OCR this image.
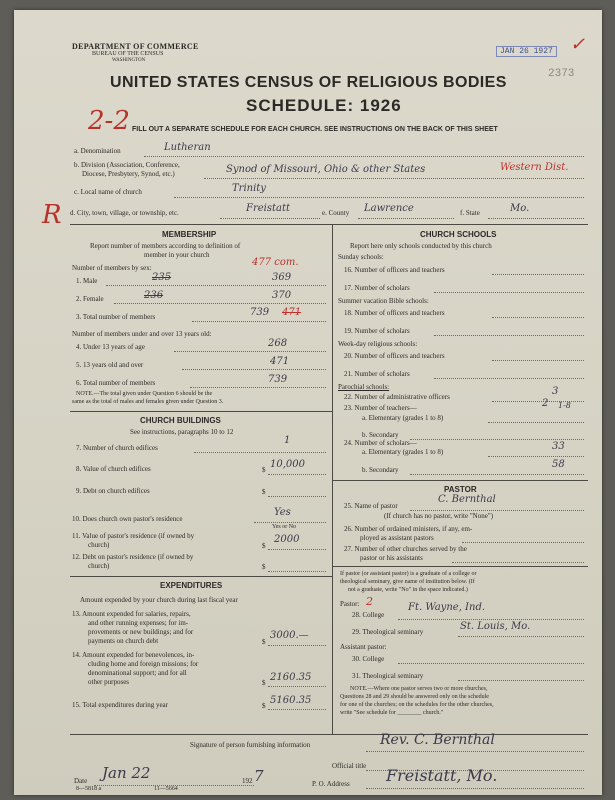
DEPARTMENT OF COMMERCE
BUREAU OF THE CENSUS
WASHINGTON
JAN 26 1927 ✓
2373
UNITED STATES CENSUS OF RELIGIOUS BODIES
SCHEDULE: 1926
2-2 FILL OUT A SEPARATE SCHEDULE FOR EACH CHURCH. SEE INSTRUCTIONS ON THE BACK OF THIS SHEET
a. Denomination	Lutheran
b. Division (Association, Conference,
Diocese, Presbytery, Synod, etc.)	Synod of Missouri, Ohio & other States	Western Dist.
c. Local name of church	Trinity
R d. City, town, village, or township, etc.	Freistatt	e. County Lawrence	f. State	Mo.
MEMBERSHIP
Report number of members according to definition of
member in your church
Number of members by sex:	477 com.
1. Male	235	369
2. Female	236	370
3. Total number of members	739 471
Number of members under and over 13 years old:
4. Under 13 years of age	268
5. 13 years old and over	471
6. Total number of members	739
NOTE.—The total given under Question 6 should be the
same as the total of males and females given under Question 3.
CHURCH BUILDINGS
See instructions, paragraphs 10 to 12
7. Number of church edifices
1
8. Value of church edifices	$ 10,000
9. Debt on church edifices	$
10. Does church own pastor's residence
Yes
Yes or No
11. Value of pastor's residence (if owned by
church)	$
2000
12. Debt on pastor's residence (if owned by
church)	$
EXPENDITURES
Amount expended by your church during last fiscal year
13. Amount expended for salaries, repairs,
and other running expenses; for im-
provements or new buildings; and for
payments on church debt	$
3000.—
14. Amount expended for benevolences, in-
cluding home and foreign missions; for
denominational support; and for all
other purposes	$ 2160.35
15. Total expenditures during year	$ 5160.35
CHURCH SCHOOLS
Report here only schools conducted by this church
Sunday schools:
16. Number of officers and teachers
17. Number of scholars
Summer vacation Bible schools:
18. Number of officers and teachers
19. Number of scholars
Week-day religious schools:
20. Number of officers and teachers
21. Number of scholars
Parochial schools:
22. Number of administrative officers	3
23. Number of teachers—	2 1-8
a. Elementary (grades 1 to 8)
b. Secondary
24. Number of scholars—
a. Elementary (grades 1 to 8)	33
b. Secondary	58
PASTOR
25. Name of pastor
C. Bernthal
(If church has no pastor, write "None")
26. Number of ordained ministers, if any, em-
ployed as assistant pastors
27. Number of other churches served by the
pastor or his assistants
If pastor (or assistant pastor) is a graduate of a college or
theological seminary, give name of institution below. (If
not a graduate, write "No" in the space indicated.)
Pastor: 2
28. College
Ft. Wayne, Ind.
29. Theological seminary	St. Louis, Mo.
Assistant pastor:
30. College
31. Theological seminary
NOTE.—Where one pastor serves two or more churches,
Questions 28 and 29 should be answered only on the schedule
for one of the churches; on the schedules for the other churches,
write "See schedule for ________ church."
Signature of person furnishing information	Rev. C. Bernthal
Official title
Date Jan 22	192 7	P. O. Address Freistatt, Mo.
8—5818 a	11—5664
